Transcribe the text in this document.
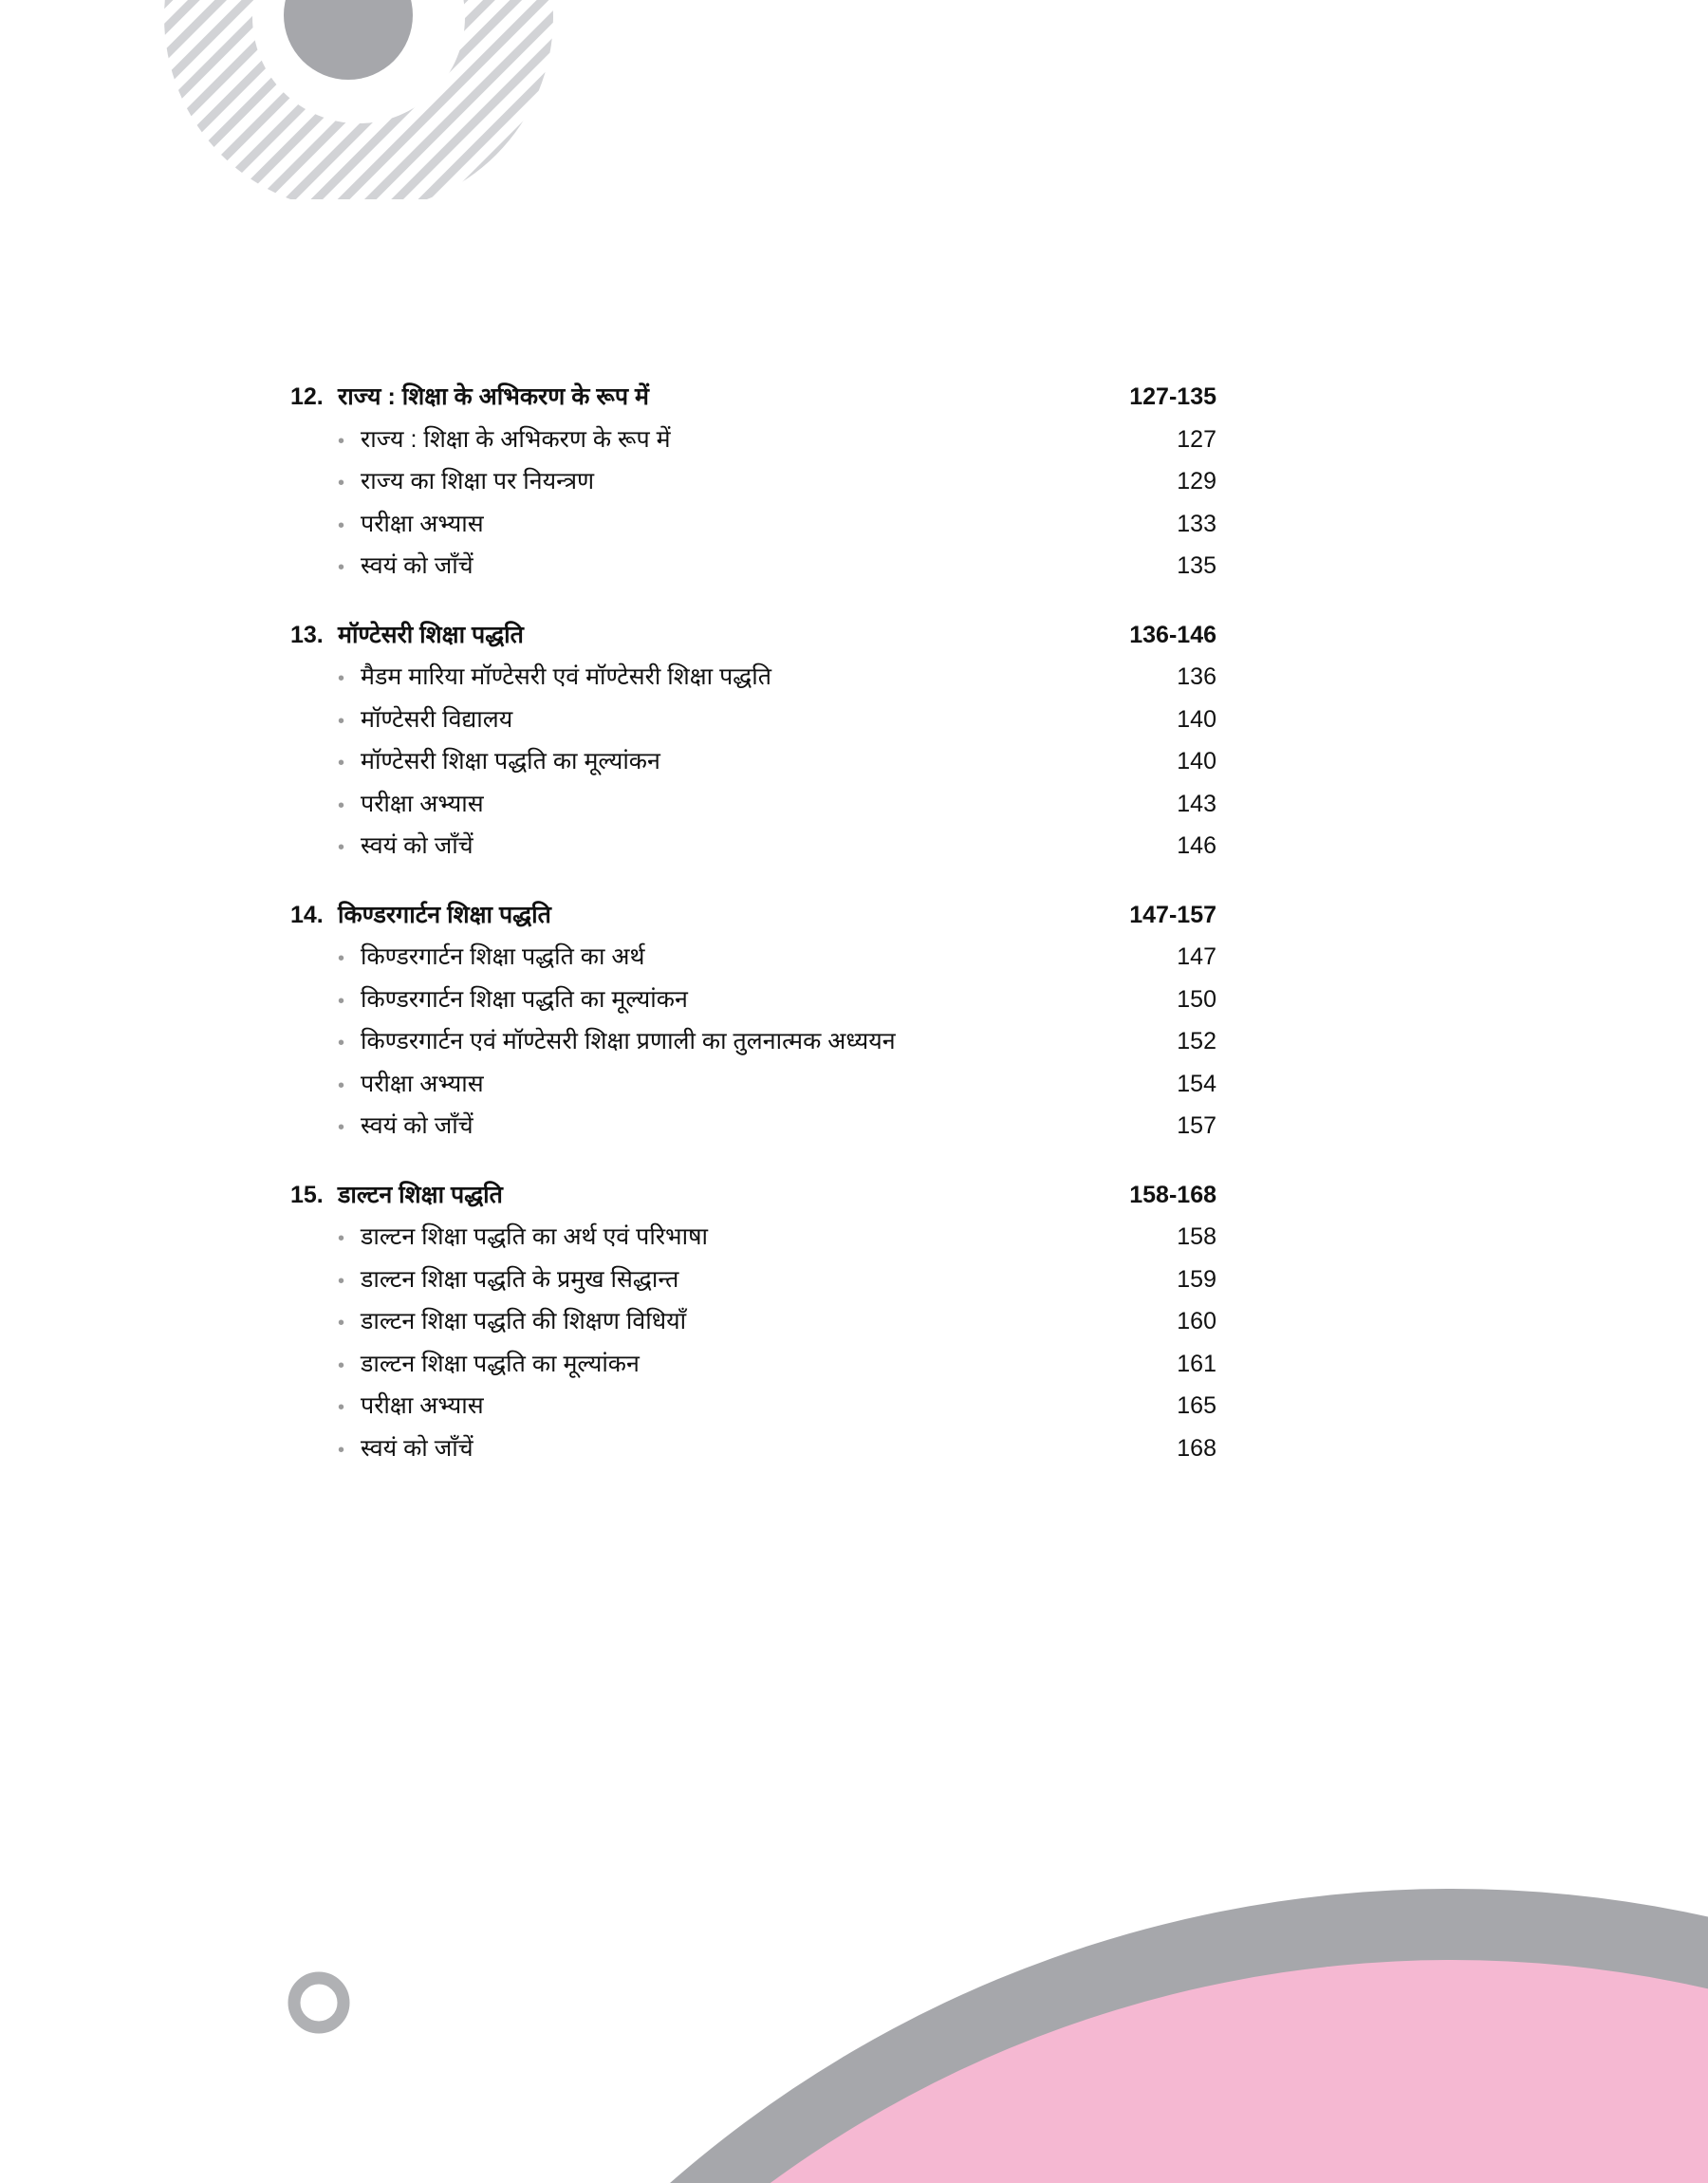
12. राज्य : शिक्षा के अभिकरण के रूप में	127-135
• राज्य : शिक्षा के अभिकरण के रूप में	127
• राज्य का शिक्षा पर नियन्त्रण	129
• परीक्षा अभ्यास	133
• स्वयं को जाँचें	135
13. मॉण्टेसरी शिक्षा पद्धति	136-146
• मैडम मारिया मॉण्टेसरी एवं मॉण्टेसरी शिक्षा पद्धति	136
• मॉण्टेसरी विद्यालय	140
• मॉण्टेसरी शिक्षा पद्धति का मूल्यांकन	140
• परीक्षा अभ्यास	143
• स्वयं को जाँचें	146
14. किण्डरगार्टन शिक्षा पद्धति	147-157
• किण्डरगार्टन शिक्षा पद्धति का अर्थ	147
• किण्डरगार्टन शिक्षा पद्धति का मूल्यांकन	150
• किण्डरगार्टन एवं मॉण्टेसरी शिक्षा प्रणाली का तुलनात्मक अध्ययन	152
• परीक्षा अभ्यास	154
• स्वयं को जाँचें	157
15. डाल्टन शिक्षा पद्धति	158-168
• डाल्टन शिक्षा पद्धति का अर्थ एवं परिभाषा	158
• डाल्टन शिक्षा पद्धति के प्रमुख सिद्धान्त	159
• डाल्टन शिक्षा पद्धति की शिक्षण विधियाँ	160
• डाल्टन शिक्षा पद्धति का मूल्यांकन	161
• परीक्षा अभ्यास	165
• स्वयं को जाँचें	168
